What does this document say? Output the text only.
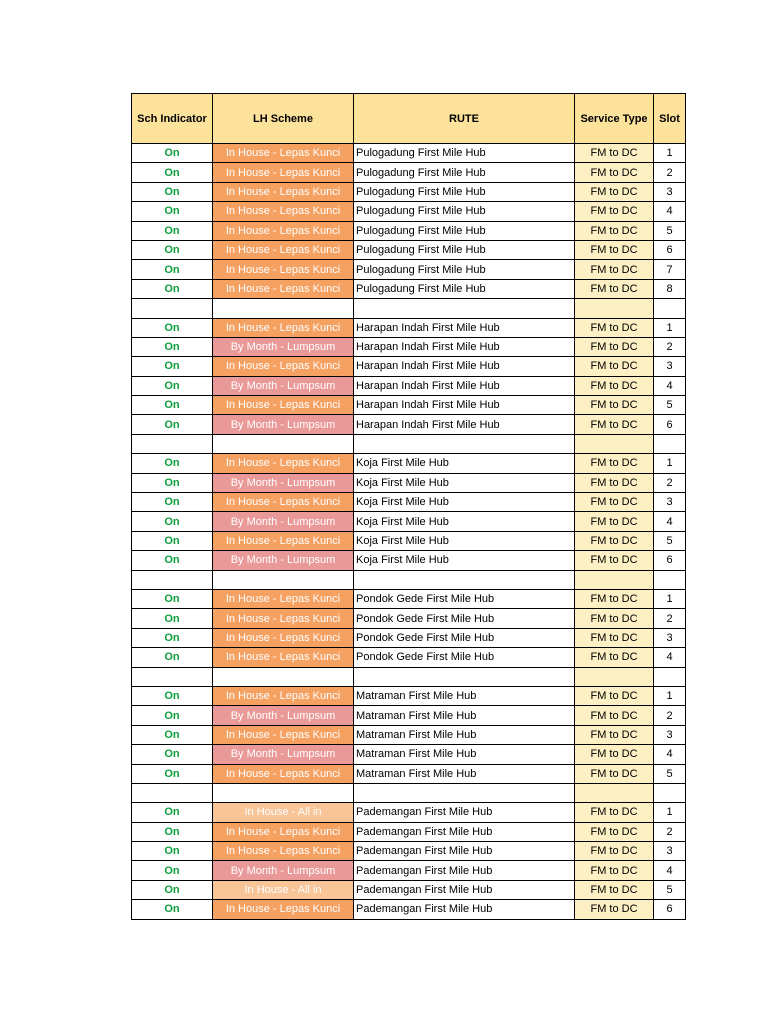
Sch Indicator	LH Scheme	RUTE	Service Type	Slot
On	In House - Lepas Kunci	Pulogadung First Mile Hub	FM to DC	1
On	In House - Lepas Kunci	Pulogadung First Mile Hub	FM to DC	2
On	In House - Lepas Kunci	Pulogadung First Mile Hub	FM to DC	3
On	In House - Lepas Kunci	Pulogadung First Mile Hub	FM to DC	4
On	In House - Lepas Kunci	Pulogadung First Mile Hub	FM to DC	5
On	In House - Lepas Kunci	Pulogadung First Mile Hub	FM to DC	6
On	In House - Lepas Kunci	Pulogadung First Mile Hub	FM to DC	7
On	In House - Lepas Kunci	Pulogadung First Mile Hub	FM to DC	8

On	In House - Lepas Kunci	Harapan Indah First Mile Hub	FM to DC	1
On	By Month - Lumpsum	Harapan Indah First Mile Hub	FM to DC	2
On	In House - Lepas Kunci	Harapan Indah First Mile Hub	FM to DC	3
On	By Month - Lumpsum	Harapan Indah First Mile Hub	FM to DC	4
On	In House - Lepas Kunci	Harapan Indah First Mile Hub	FM to DC	5
On	By Month - Lumpsum	Harapan Indah First Mile Hub	FM to DC	6

On	In House - Lepas Kunci	Koja First Mile Hub	FM to DC	1
On	By Month - Lumpsum	Koja First Mile Hub	FM to DC	2
On	In House - Lepas Kunci	Koja First Mile Hub	FM to DC	3
On	By Month - Lumpsum	Koja First Mile Hub	FM to DC	4
On	In House - Lepas Kunci	Koja First Mile Hub	FM to DC	5
On	By Month - Lumpsum	Koja First Mile Hub	FM to DC	6

On	In House - Lepas Kunci	Pondok Gede First Mile Hub	FM to DC	1
On	In House - Lepas Kunci	Pondok Gede First Mile Hub	FM to DC	2
On	In House - Lepas Kunci	Pondok Gede First Mile Hub	FM to DC	3
On	In House - Lepas Kunci	Pondok Gede First Mile Hub	FM to DC	4

On	In House - Lepas Kunci	Matraman First Mile Hub	FM to DC	1
On	By Month - Lumpsum	Matraman First Mile Hub	FM to DC	2
On	In House - Lepas Kunci	Matraman First Mile Hub	FM to DC	3
On	By Month - Lumpsum	Matraman First Mile Hub	FM to DC	4
On	In House - Lepas Kunci	Matraman First Mile Hub	FM to DC	5

On	In House - All in	Pademangan First Mile Hub	FM to DC	1
On	In House - Lepas Kunci	Pademangan First Mile Hub	FM to DC	2
On	In House - Lepas Kunci	Pademangan First Mile Hub	FM to DC	3
On	By Month - Lumpsum	Pademangan First Mile Hub	FM to DC	4
On	In House - All in	Pademangan First Mile Hub	FM to DC	5
On	In House - Lepas Kunci	Pademangan First Mile Hub	FM to DC	6
